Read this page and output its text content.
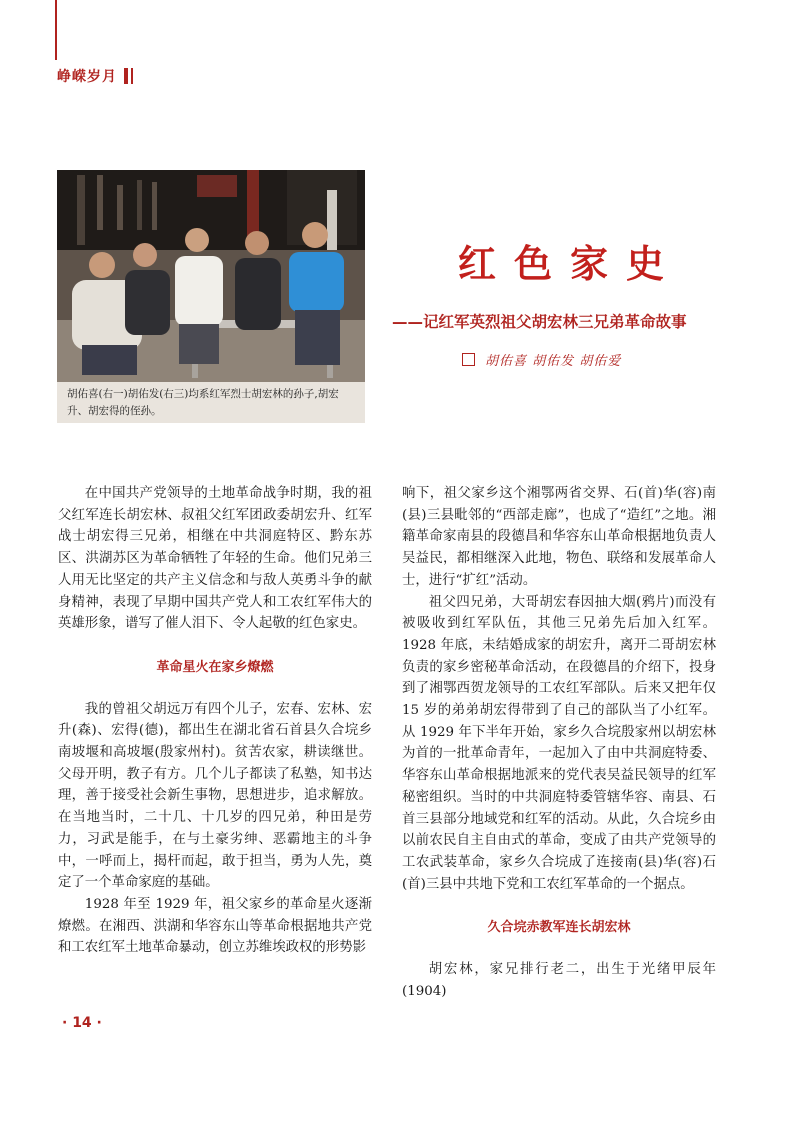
峥嵘岁月
胡佑喜(右一)胡佑发(右三)均系红军烈士胡宏林的孙子,胡宏升、胡宏得的侄孙。
红色家史
——记红军英烈祖父胡宏林三兄弟革命故事
胡佑喜 胡佑发 胡佑爱

在中国共产党领导的土地革命战争时期，我的祖父红军连长胡宏林、叔祖父红军团政委胡宏升、红军战士胡宏得三兄弟，相继在中共洞庭特区、黔东苏区、洪湖苏区为革命牺牲了年轻的生命。他们兄弟三人用无比坚定的共产主义信念和与敌人英勇斗争的献身精神，表现了早期中国共产党人和工农红军伟大的英雄形象，谱写了催人泪下、令人起敬的红色家史。

革命星火在家乡燎燃

我的曾祖父胡远万有四个儿子，宏春、宏林、宏升(森)、宏得(德)，都出生在湖北省石首县久合垸乡南坡堰和高坡堰(殷家州村)。贫苦农家，耕读继世。父母开明，教子有方。几个儿子都读了私塾，知书达理，善于接受社会新生事物，思想进步，追求解放。在当地当时，二十几、十几岁的四兄弟，种田是劳力，习武是能手，在与土豪劣绅、恶霸地主的斗争中，一呼而上，揭杆而起，敢于担当，勇为人先，奠定了一个革命家庭的基础。

1928 年至 1929 年，祖父家乡的革命星火逐渐燎燃。在湘西、洪湖和华容东山等革命根据地共产党和工农红军土地革命暴动，创立苏维埃政权的形势影

响下，祖父家乡这个湘鄂两省交界、石(首)华(容)南(县)三县毗邻的“西部走廊”，也成了“造红”之地。湘籍革命家南县的段德昌和华容东山革命根据地负责人吴益民，都相继深入此地，物色、联络和发展革命人士，进行“扩红”活动。

祖父四兄弟，大哥胡宏春因抽大烟(鸦片)而没有被吸收到红军队伍，其他三兄弟先后加入红军。1928 年底，未结婚成家的胡宏升，离开二哥胡宏林负责的家乡密秘革命活动，在段德昌的介绍下，投身到了湘鄂西贺龙领导的工农红军部队。后来又把年仅 15 岁的弟弟胡宏得带到了自己的部队当了小红军。从 1929 年下半年开始，家乡久合垸殷家州以胡宏林为首的一批革命青年，一起加入了由中共洞庭特委、华容东山革命根据地派来的党代表吴益民领导的红军秘密组织。当时的中共洞庭特委管辖华容、南县、石首三县部分地域党和红军的活动。从此，久合垸乡由以前农民自主自由式的革命，变成了由共产党领导的工农武装革命，家乡久合垸成了连接南(县)华(容)石(首)三县中共地下党和工农红军革命的一个据点。

久合垸赤教军连长胡宏林

胡宏林，家兄排行老二，出生于光绪甲辰年(1904)

· 14 ·
